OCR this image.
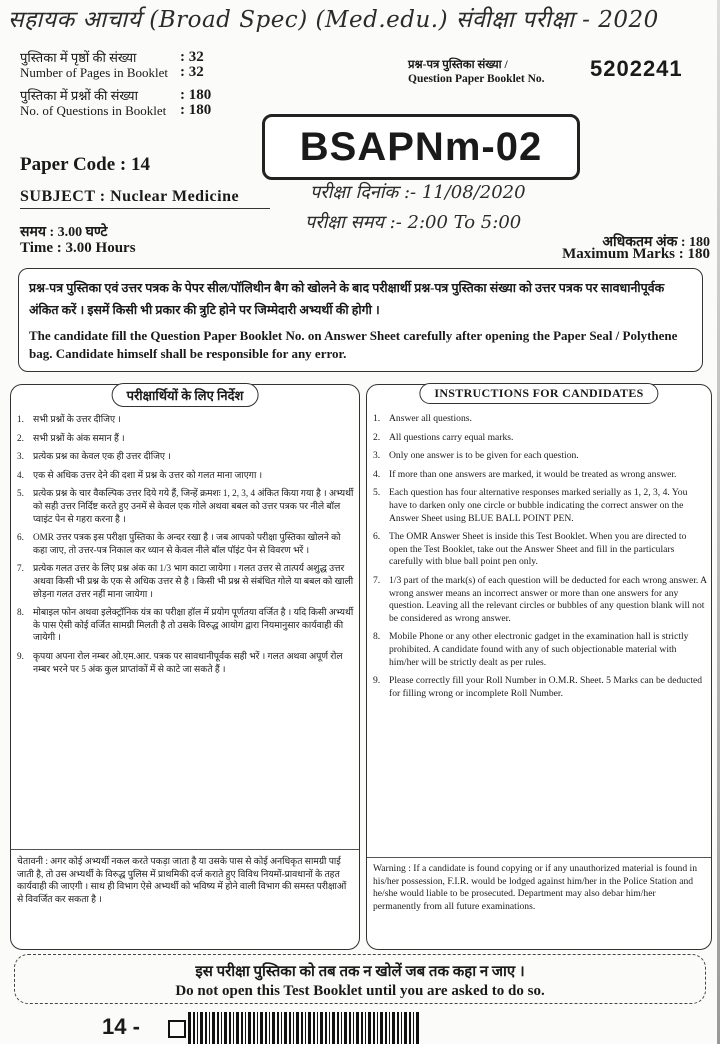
सहायक आचार्य (Broad Spec) (Med.edu.) संवीक्षा परीक्षा - 2020
पुस्तिका में पृष्ठों की संख्या	: 32
Number of Pages in Booklet : 32
पुस्तिका में प्रश्नों की संख्या	: 180
No. of Questions in Booklet : 180
प्रश्न-पत्र पुस्तिका संख्या /
Question Paper Booklet No. 5202241
BSAPNm-02
Paper Code : 14
SUBJECT : Nuclear Medicine
समय : 3.00 घण्टे
Time : 3.00 Hours
परीक्षा दिनांक :- 11/08/2020
परीक्षा समय :- 2:00 To 5:00
अधिकतम अंक : 180
Maximum Marks : 180
प्रश्न-पत्र पुस्तिका एवं उत्तर पत्रक के पेपर सील/पॉलिथीन बैग को खोलने के बाद परीक्षार्थी प्रश्न-पत्र पुस्तिका संख्या को उत्तर पत्रक पर सावधानीपूर्वक अंकित करें । इसमें किसी भी प्रकार की त्रुटि होने पर जिम्मेदारी अभ्यर्थी की होगी ।
The candidate fill the Question Paper Booklet No. on Answer Sheet carefully after opening the Paper Seal / Polythene bag. Candidate himself shall be responsible for any error.
परीक्षार्थियों के लिए निर्देश
1. सभी प्रश्नों के उत्तर दीजिए ।
2. सभी प्रश्नों के अंक समान हैं ।
3. प्रत्येक प्रश्न का केवल एक ही उत्तर दीजिए ।
4. एक से अधिक उत्तर देने की दशा में प्रश्न के उत्तर को गलत माना जाएगा ।
5. प्रत्येक प्रश्न के चार वैकल्पिक उत्तर दिये गये हैं, जिन्हें क्रमशः 1, 2, 3, 4 अंकित किया गया है । अभ्यर्थी को सही उत्तर निर्दिष्ट करते हुए उनमें से केवल एक गोले अथवा बबल को उत्तर पत्रक पर नीले बॉल प्वाइंट पेन से गहरा करना है ।
6. OMR उत्तर पत्रक इस परीक्षा पुस्तिका के अन्दर रखा है । जब आपको परीक्षा पुस्तिका खोलने को कहा जाए, तो उत्तर-पत्र निकाल कर ध्यान से केवल नीले बॉल पॉइंट पेन से विवरण भरें ।
7. प्रत्येक गलत उत्तर के लिए प्रश्न अंक का 1/3 भाग काटा जायेगा । गलत उत्तर से तात्पर्य अशुद्ध उत्तर अथवा किसी भी प्रश्न के एक से अधिक उत्तर से है । किसी भी प्रश्न से संबंधित गोले या बबल को खाली छोड़ना गलत उत्तर नहीं माना जायेगा ।
8. मोबाइल फोन अथवा इलेक्ट्रॉनिक यंत्र का परीक्षा हॉल में प्रयोग पूर्णतया वर्जित है । यदि किसी अभ्यर्थी के पास ऐसी कोई वर्जित सामग्री मिलती है तो उसके विरुद्ध आयोग द्वारा नियमानुसार कार्यवाही की जायेगी ।
9. कृपया अपना रोल नम्बर ओ.एम.आर. पत्रक पर सावधानीपूर्वक सही भरें । गलत अथवा अपूर्ण रोल नम्बर भरने पर 5 अंक कुल प्राप्तांकों में से काटे जा सकते हैं ।
चेतावनी : अगर कोई अभ्यर्थी नकल करते पकड़ा जाता है या उसके पास से कोई अनधिकृत सामग्री पाई जाती है, तो उस अभ्यर्थी के विरुद्ध पुलिस में प्राथमिकी दर्ज कराते हुए विविध नियमों-प्रावधानों के तहत कार्यवाही की जाएगी । साथ ही विभाग ऐसे अभ्यर्थी को भविष्य में होने वाली विभाग की समस्त परीक्षाओं से विवर्जित कर सकता है ।
INSTRUCTIONS FOR CANDIDATES
1. Answer all questions.
2. All questions carry equal marks.
3. Only one answer is to be given for each question.
4. If more than one answers are marked, it would be treated as wrong answer.
5. Each question has four alternative responses marked serially as 1, 2, 3, 4. You have to darken only one circle or bubble indicating the correct answer on the Answer Sheet using BLUE BALL POINT PEN.
6. The OMR Answer Sheet is inside this Test Booklet. When you are directed to open the Test Booklet, take out the Answer Sheet and fill in the particulars carefully with blue ball point pen only.
7. 1/3 part of the mark(s) of each question will be deducted for each wrong answer. A wrong answer means an incorrect answer or more than one answers for any question. Leaving all the relevant circles or bubbles of any question blank will not be considered as wrong answer.
8. Mobile Phone or any other electronic gadget in the examination hall is strictly prohibited. A candidate found with any of such objectionable material with him/her will be strictly dealt as per rules.
9. Please correctly fill your Roll Number in O.M.R. Sheet. 5 Marks can be deducted for filling wrong or incomplete Roll Number.
Warning : If a candidate is found copying or if any unauthorized material is found in his/her possession, F.I.R. would be lodged against him/her in the Police Station and he/she would liable to be prosecuted. Department may also debar him/her permanently from all future examinations.
इस परीक्षा पुस्तिका को तब तक न खोलें जब तक कहा न जाए ।
Do not open this Test Booklet until you are asked to do so.
14 -
